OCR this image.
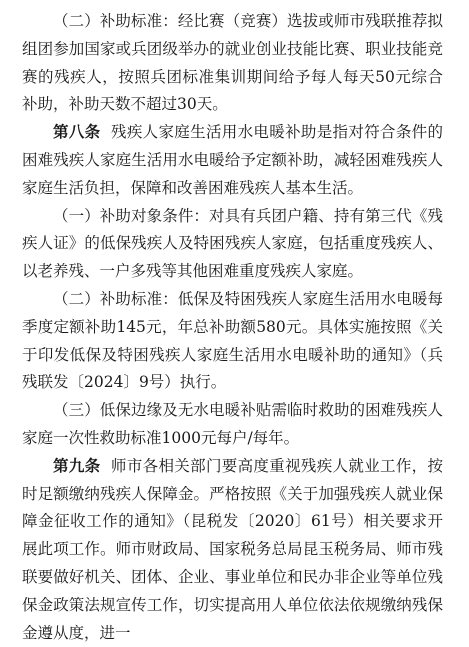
（二）补助标准：经比赛（竞赛）选拔或师市残联推荐拟组团参加国家或兵团级举办的就业创业技能比赛、职业技能竞赛的残疾人，按照兵团标准集训期间给予每人每天50元综合补助，补助天数不超过30天。

第八条 残疾人家庭生活用水电暖补助是指对符合条件的困难残疾人家庭生活用水电暖给予定额补助，减轻困难残疾人家庭生活负担，保障和改善困难残疾人基本生活。

（一）补助对象条件：对具有兵团户籍、持有第三代《残疾人证》的低保残疾人及特困残疾人家庭，包括重度残疾人、以老养残、一户多残等其他困难重度残疾人家庭。

（二）补助标准：低保及特困残疾人家庭生活用水电暖每季度定额补助145元，年总补助额580元。具体实施按照《关于印发低保及特困残疾人家庭生活用水电暖补助的通知》（兵残联发〔2024〕9号）执行。

（三）低保边缘及无水电暖补贴需临时救助的困难残疾人家庭一次性救助标准1000元每户/每年。

第九条 师市各相关部门要高度重视残疾人就业工作，按时足额缴纳残疾人保障金。严格按照《关于加强残疾人就业保障金征收工作的通知》（昆税发〔2020〕61号）相关要求开展此项工作。师市财政局、国家税务总局昆玉税务局、师市残联要做好机关、团体、企业、事业单位和民办非企业等单位残保金政策法规宣传工作，切实提高用人单位依法依规缴纳残保金遵从度，进一
